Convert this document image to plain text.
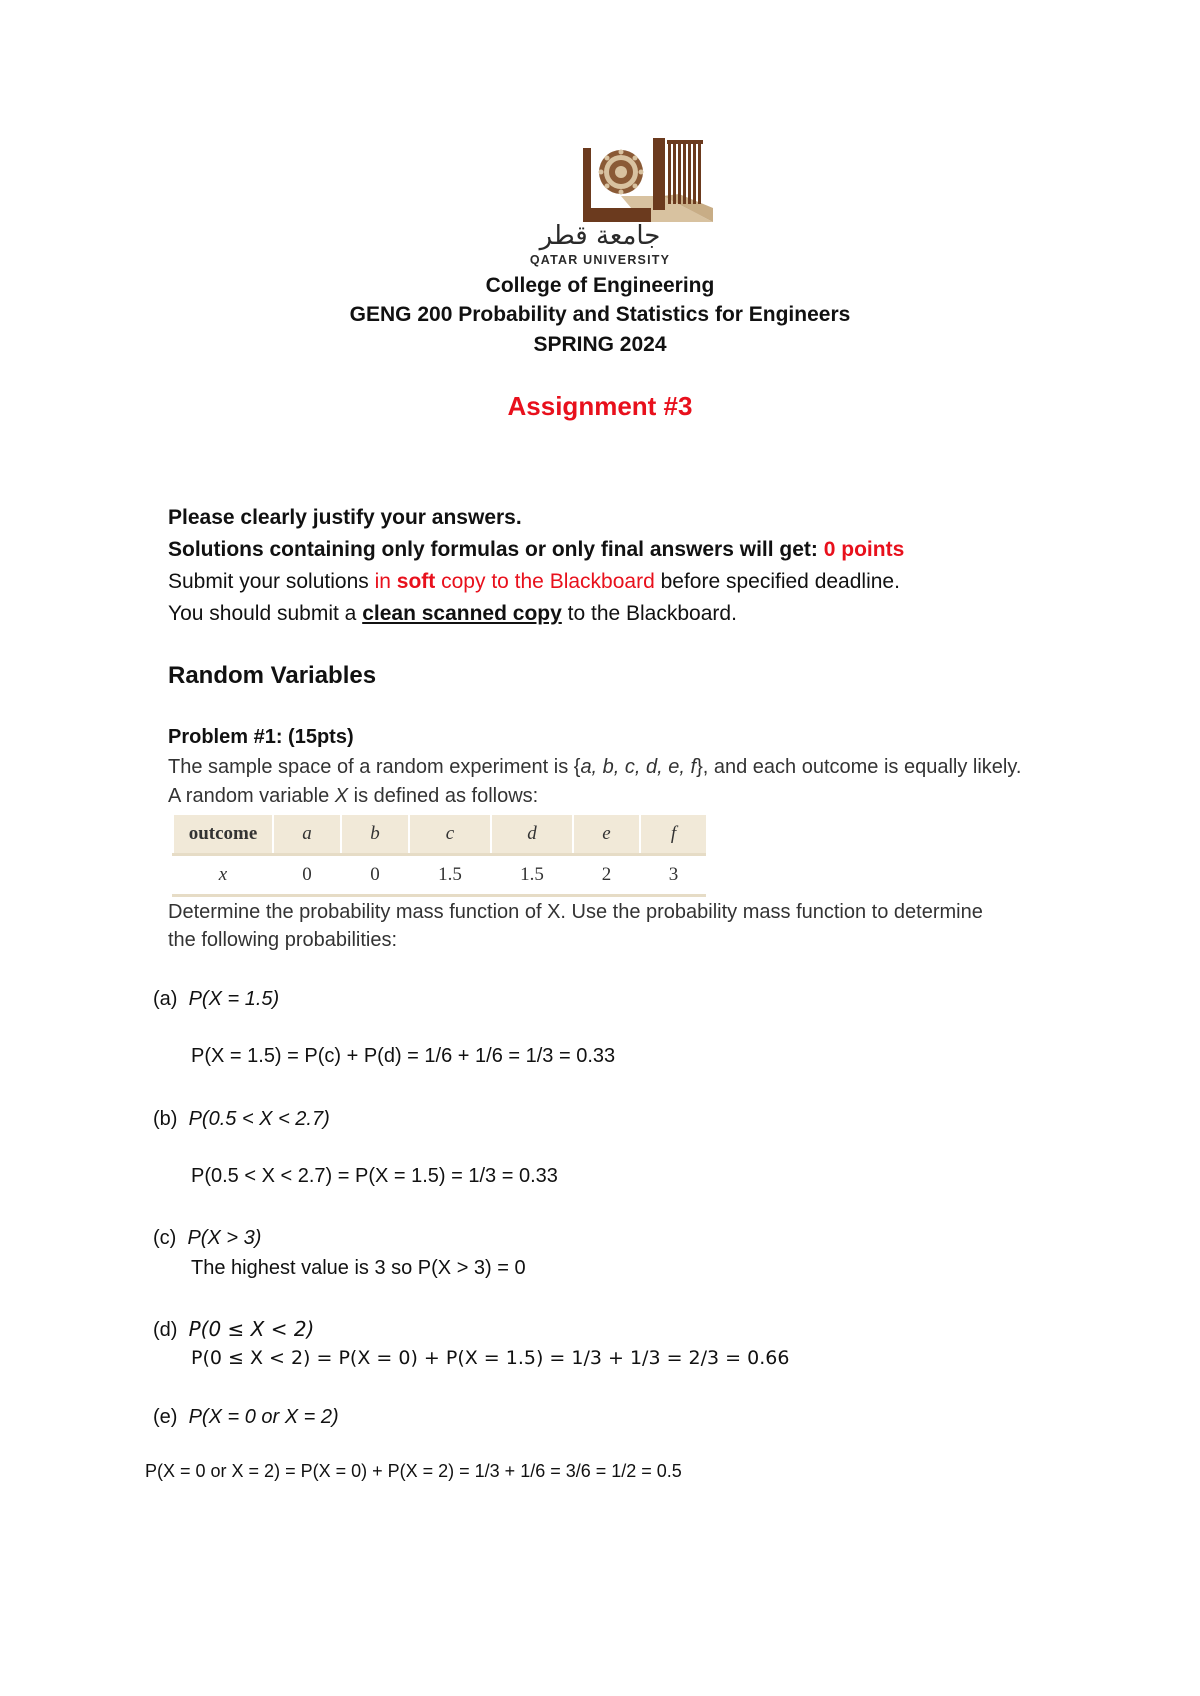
جامعة قطر
QATAR UNIVERSITY
College of Engineering
GENG 200 Probability and Statistics for Engineers
SPRING 2024
Assignment #3
Please clearly justify your answers.
Solutions containing only formulas or only final answers will get: 0 points
Submit your solutions in soft copy to the Blackboard before specified deadline.
You should submit a clean scanned copy to the Blackboard.
Random Variables
Problem #1: (15pts)
The sample space of a random experiment is {a, b, c, d, e, f}, and each outcome is equally likely.
A random variable X is defined as follows:
outcome	a	b	c	d	e	f
x	0	0	1.5	1.5	2	3
Determine the probability mass function of X. Use the probability mass function to determine
the following probabilities:
(a) P(X = 1.5)
P(X = 1.5) = P(c) + P(d) = 1/6 + 1/6 = 1/3 = 0.33
(b) P(0.5 < X < 2.7)
P(0.5 < X < 2.7) = P(X = 1.5) = 1/3 = 0.33
(c) P(X > 3)
The highest value is 3 so P(X > 3) = 0
(d) P(0 ≤ X < 2)
P(0 ≤ X < 2) = P(X = 0) + P(X = 1.5) = 1/3 + 1/3 = 2/3 = 0.66
(e) P(X = 0 or X = 2)
P(X = 0 or X = 2) = P(X = 0) + P(X = 2) = 1/3 + 1/6 = 3/6 = 1/2 = 0.5
